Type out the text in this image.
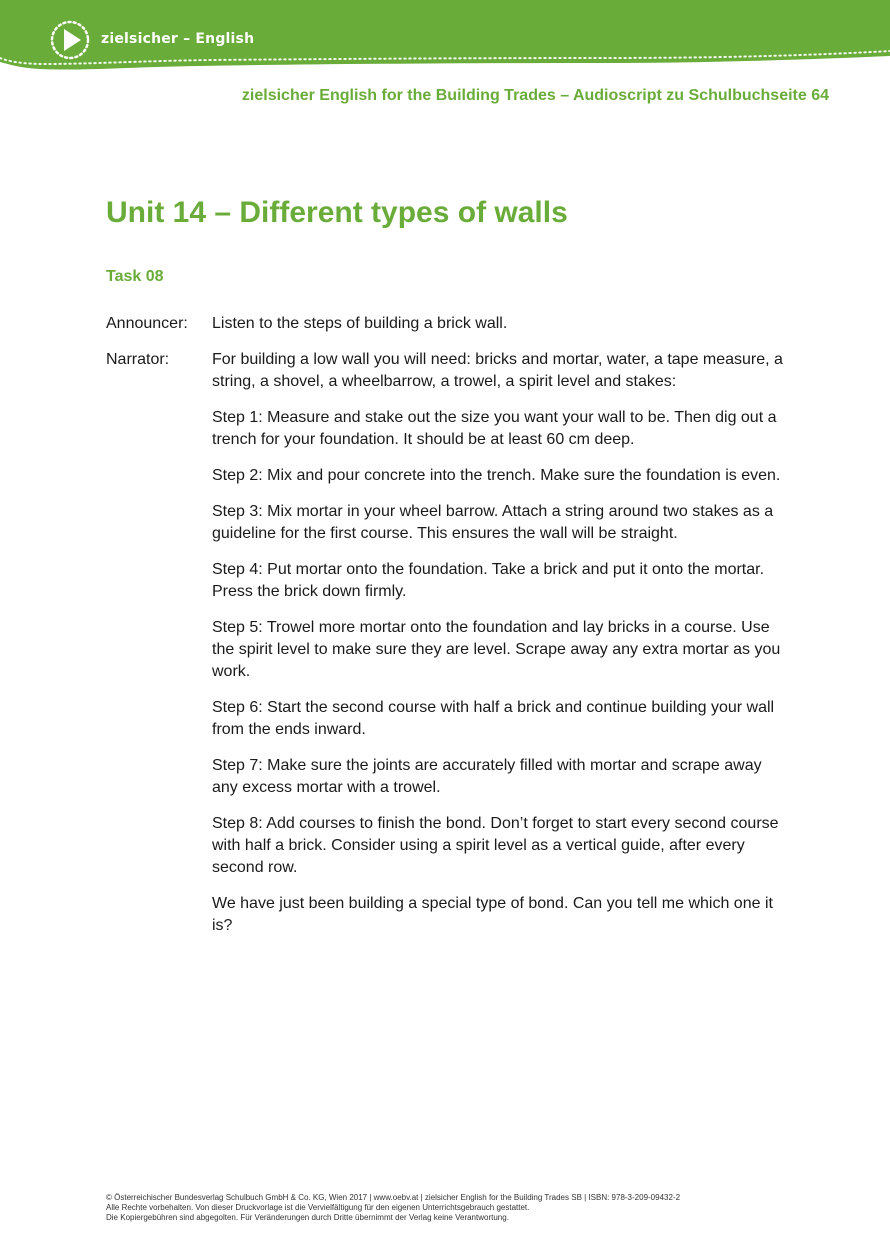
zielsicher – English
zielsicher English for the Building Trades – Audioscript zu Schulbuchseite 64
Unit 14 – Different types of walls
Task 08
Announcer:	Listen to the steps of building a brick wall.

Narrator:	For building a low wall you will need: bricks and mortar, water, a tape measure, a string, a shovel, a wheelbarrow, a trowel, a spirit level and stakes:

Step 1: Measure and stake out the size you want your wall to be. Then dig out a trench for your foundation. It should be at least 60 cm deep.

Step 2: Mix and pour concrete into the trench. Make sure the foundation is even.

Step 3: Mix mortar in your wheel barrow. Attach a string around two stakes as a guideline for the first course. This ensures the wall will be straight.

Step 4: Put mortar onto the foundation. Take a brick and put it onto the mortar. Press the brick down firmly.

Step 5: Trowel more mortar onto the foundation and lay bricks in a course. Use the spirit level to make sure they are level. Scrape away any extra mortar as you work.

Step 6: Start the second course with half a brick and continue building your wall from the ends inward.

Step 7: Make sure the joints are accurately filled with mortar and scrape away any excess mortar with a trowel.

Step 8: Add courses to finish the bond. Don’t forget to start every second course with half a brick. Consider using a spirit level as a vertical guide, after every second row.

We have just been building a special type of bond. Can you tell me which one it is?

© Österreichischer Bundesverlag Schulbuch GmbH & Co. KG, Wien 2017 | www.oebv.at | zielsicher English for the Building Trades SB | ISBN: 978-3-209-09432-2
Alle Rechte vorbehalten. Von dieser Druckvorlage ist die Vervielfältigung für den eigenen Unterrichtsgebrauch gestattet.
Die Kopiergebühren sind abgegolten. Für Veränderungen durch Dritte übernimmt der Verlag keine Verantwortung.
